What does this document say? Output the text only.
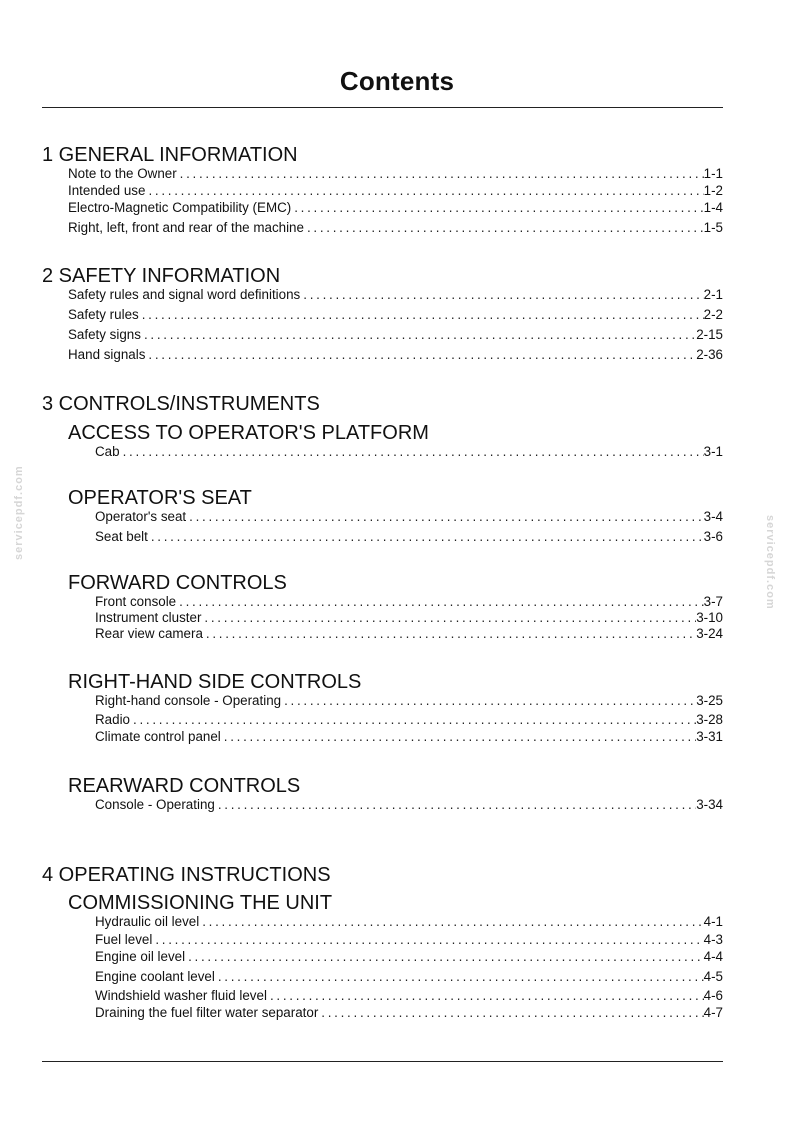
Contents
servicepdf.com
servicepdf.com
1 GENERAL INFORMATION
Note to the Owner . . .	1-1
Intended use . . .	1-2
Electro-Magnetic Compatibility (EMC) . . .	1-4
Right, left, front and rear of the machine . . .	1-5
2 SAFETY INFORMATION
Safety rules and signal word definitions . . .	2-1
Safety rules . . .	2-2
Safety signs . . .	2-15
Hand signals . . .	2-36
3 CONTROLS/INSTRUMENTS
ACCESS TO OPERATOR'S PLATFORM
Cab . . .	3-1
OPERATOR'S SEAT
Operator's seat . . .	3-4
Seat belt . . .	3-6
FORWARD CONTROLS
Front console . . .	3-7
Instrument cluster . . .	3-10
Rear view camera . . .	3-24
RIGHT-HAND SIDE CONTROLS
Right-hand console - Operating . . .	3-25
Radio . . .	3-28
Climate control panel . . .	3-31
REARWARD CONTROLS
Console - Operating . . .	3-34
4 OPERATING INSTRUCTIONS
COMMISSIONING THE UNIT
Hydraulic oil level . . .	4-1
Fuel level . . .	4-3
Engine oil level . . .	4-4
Engine coolant level . . .	4-5
Windshield washer fluid level . . .	4-6
Draining the fuel filter water separator . . .	4-7
